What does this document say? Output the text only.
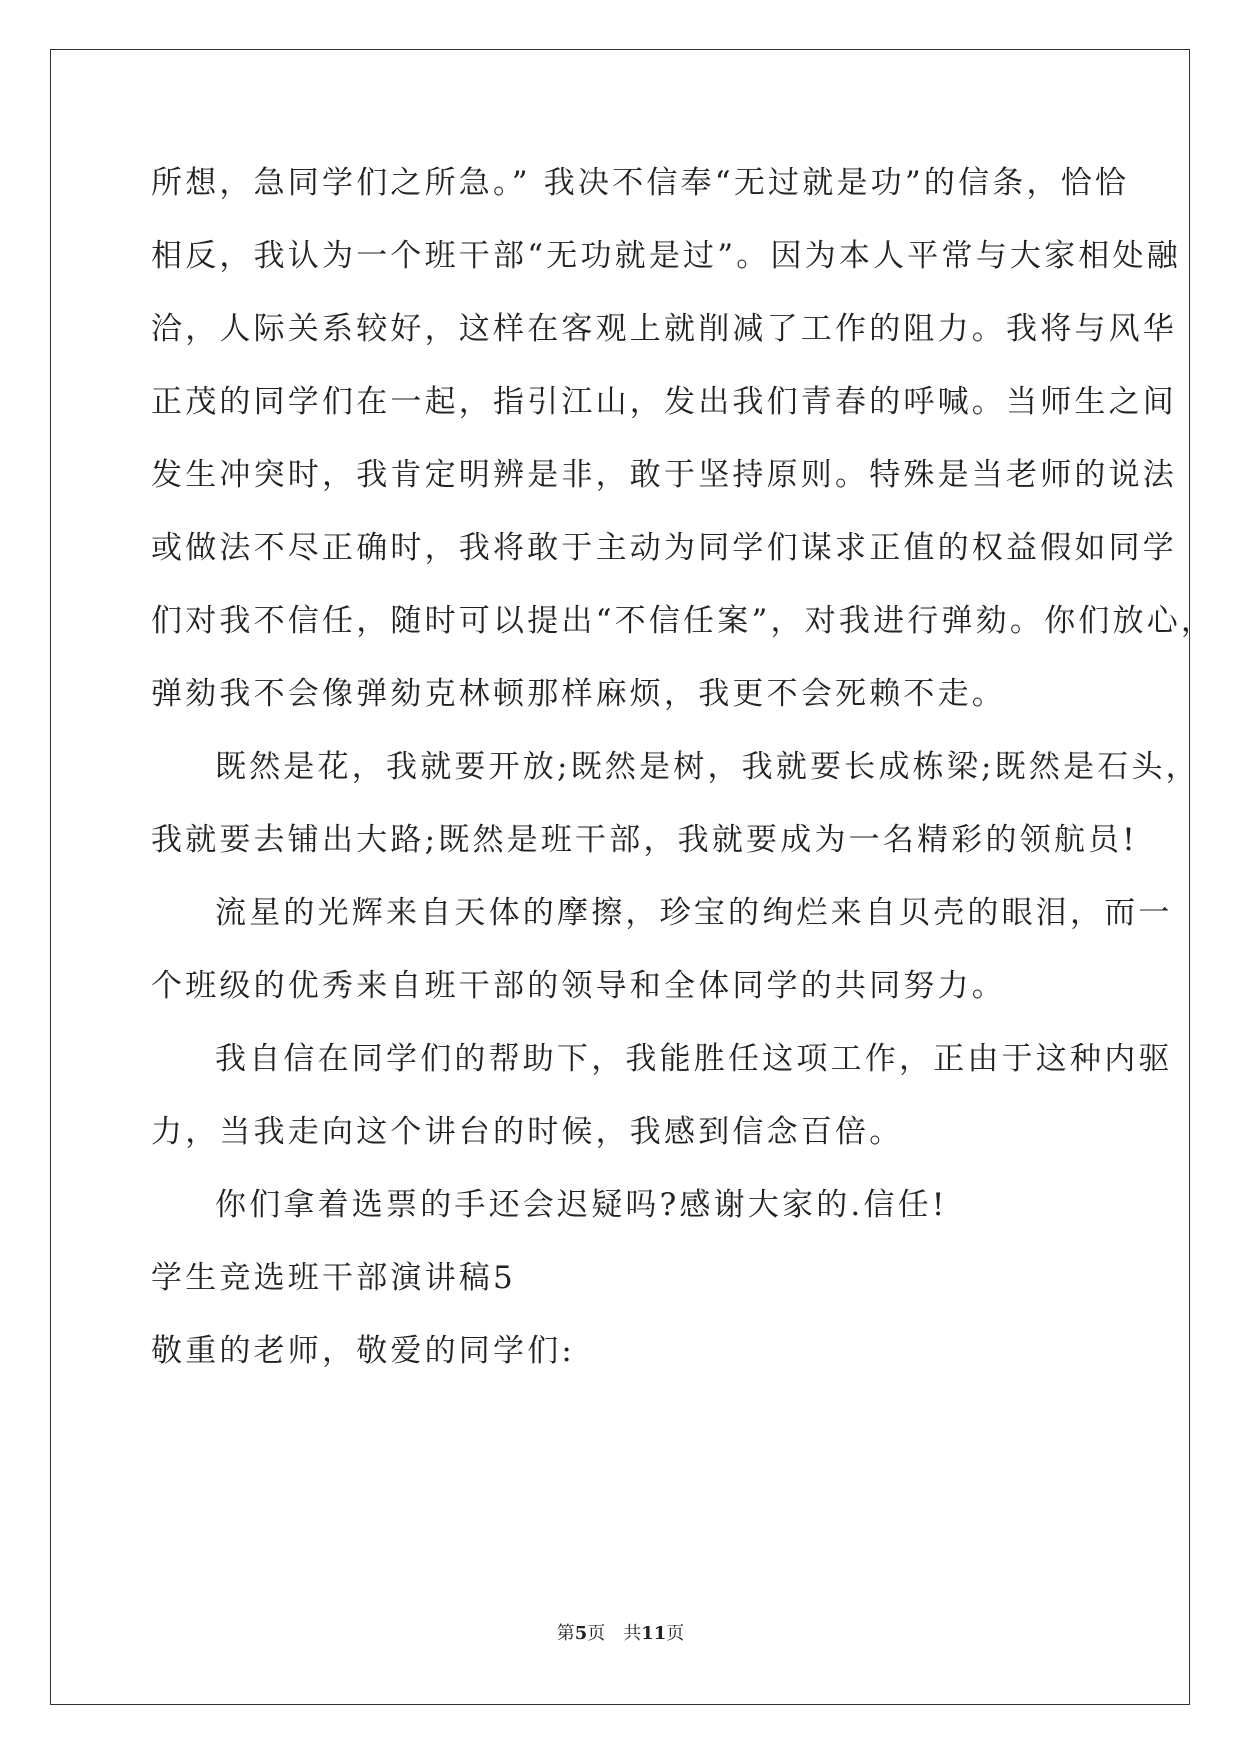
所想，急同学们之所急。” 我决不信奉“无过就是功”的信条，恰恰
相反，我认为一个班干部“无功就是过”。因为本人平常与大家相处融
洽，人际关系较好，这样在客观上就削减了工作的阻力。我将与风华
正茂的同学们在一起，指引江山，发出我们青春的呼喊。当师生之间
发生冲突时，我肯定明辨是非，敢于坚持原则。特殊是当老师的说法
或做法不尽正确时，我将敢于主动为同学们谋求正值的权益假如同学
们对我不信任，随时可以提出“不信任案”，对我进行弹劾。你们放心，
弹劾我不会像弹劾克林顿那样麻烦，我更不会死赖不走。
既然是花，我就要开放;既然是树，我就要长成栋梁;既然是石头，
我就要去铺出大路;既然是班干部，我就要成为一名精彩的领航员!
流星的光辉来自天体的摩擦，珍宝的绚烂来自贝壳的眼泪，而一
个班级的优秀来自班干部的领导和全体同学的共同努力。
我自信在同学们的帮助下，我能胜任这项工作，正由于这种内驱
力，当我走向这个讲台的时候，我感到信念百倍。
你们拿着选票的手还会迟疑吗?感谢大家的.信任!
学生竞选班干部演讲稿5
敬重的老师，敬爱的同学们:
第5页 共11页
